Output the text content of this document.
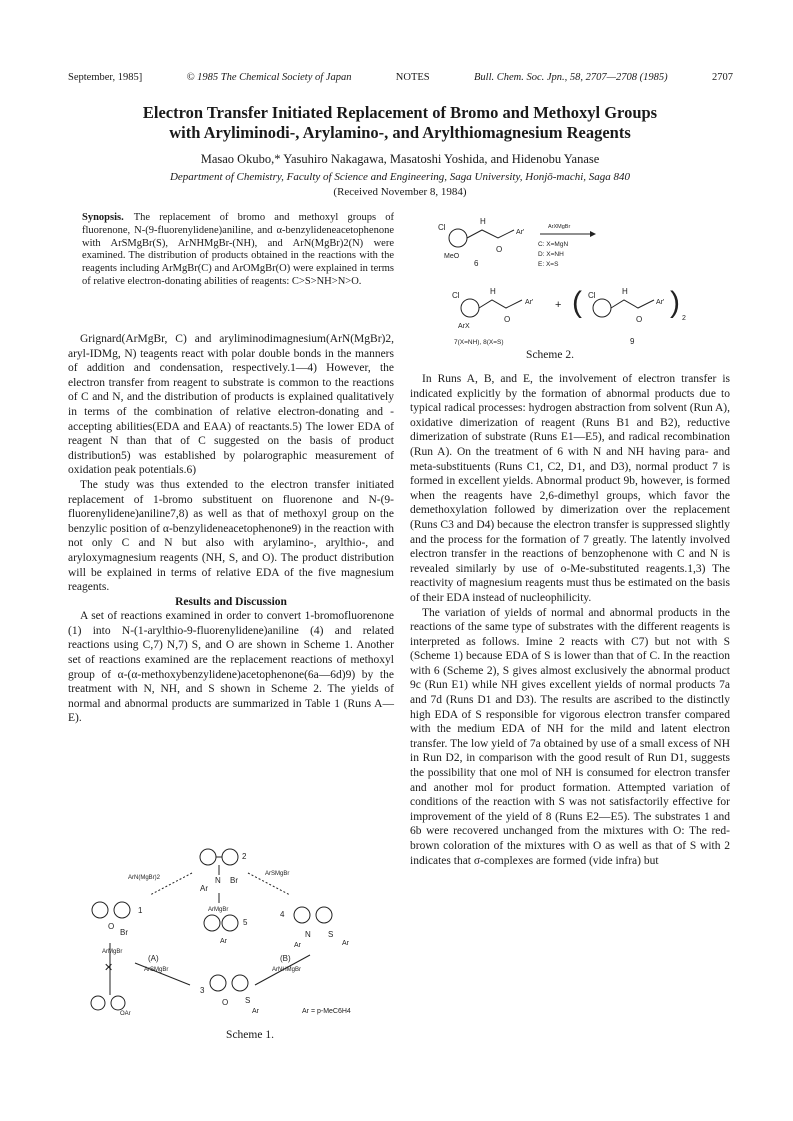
September, 1985]	© 1985 The Chemical Society of Japan	NOTES	Bull. Chem. Soc. Jpn., 58, 2707—2708 (1985)	2707
Electron Transfer Initiated Replacement of Bromo and Methoxyl Groups
with Aryliminodi-, Arylamino-, and Arylthiomagnesium Reagents
Masao Okubo,* Yasuhiro Nakagawa, Masatoshi Yoshida, and Hidenobu Yanase
Department of Chemistry, Faculty of Science and Engineering, Saga University, Honjō-machi, Saga 840
(Received November 8, 1984)
Synopsis. The replacement of bromo and methoxyl groups of fluorenone, N-(9-fluorenylidene)aniline, and α-benzylideneacetophenone with ArSMgBr(S), ArNHMgBr-(NH), and ArN(MgBr)2(N) were examined. The distribution of products obtained in the reactions with the reagents including ArMgBr(C) and ArOMgBr(O) were explained in terms of relative electron-donating abilities of reagents: C>S>NH>N>O.

Grignard(ArMgBr, C) and aryliminodimagnesium(ArN(MgBr)2, aryl-IDMg, N) teagents react with polar double bonds in the manners of addition and condensation, respectively.1—4) However, the electron transfer from reagent to substrate is common to the reactions of C and N, and the distribution of products is explained qualitatively in terms of the combination of relative electron-donating and -accepting abilities(EDA and EAA) of reactants.5) The lower EDA of reagent N than that of C suggested on the basis of product distribution5) was established by polarographic measurement of oxidation peak potentials.6)

The study was thus extended to the electron transfer initiated replacement of 1-bromo substituent on fluorenone and N-(9-fluorenylidene)aniline7,8) as well as that of methoxyl group on the benzylic position of α-benzylideneacetophenone9) in the reaction with not only C and N but also with arylamino-, arylthio-, and aryloxymagnesium reagents (NH, S, and O). The product distribution will be explained in terms of relative EDA of the five magnesium reagents.

Results and Discussion

A set of reactions examined in order to convert 1-bromofluorenone (1) into N-(1-arylthio-9-fluorenylidene)aniline (4) and related reactions using C,7) N,7) S, and O are shown in Scheme 1. Another set of reactions examined are the replacement reactions of methoxyl group of α-(α-methoxybenzylidene)acetophenone(6a—6d)9) by the treatment with N, NH, and S shown in Scheme 2. The yields of normal and abnormal products are summarized in Table 1 (Runs A—E).

N Br
Ar
2
ArN(MgBr)2
ArSMgBr
ArMgBr
1
O
Br
5
Ar
4
N S
Ar	Ar
ArMgBr
✕
(A)
ArSMgBr
(B)
ArNHMgBr
3
O S
Ar
OAr	Ar = p-MeC6H4
Scheme 1.
Cl
MeO
H
O
Ar'
6
ArXMgBr
C: X=MgN
D: X=NH
E: X=S
Cl
ArX
H
O
Ar'
7(X=NH), 8(X=S)
+ ( Cl	H
O
Ar' ) 2
9
Scheme 2.

In Runs A, B, and E, the involvement of electron transfer is indicated explicitly by the formation of abnormal products due to typical radical processes: hydrogen abstraction from solvent (Run A), oxidative dimerization of reagent (Runs B1 and B2), reductive dimerization of substrate (Runs E1—E5), and radical recombination (Run A). On the treatment of 6 with N and NH having para- and meta-substituents (Runs C1, C2, D1, and D3), normal product 7 is formed in excellent yields. Abnormal product 9b, however, is formed when the reagents have 2,6-dimethyl groups, which favor the demethoxylation followed by dimerization over the replacement (Runs C3 and D4) because the electron transfer is suppressed slightly and the process for the formation of 7 greatly. The latently involved electron transfer in the reactions of benzophenone with C and N is revealed similarly by use of o-Me-substituted reagents.1,3) The reactivity of magnesium reagents must thus be estimated on the basis of their EDA instead of nucleophilicity.

The variation of yields of normal and abnormal products in the reactions of the same type of substrates with the different reagents is interpreted as follows. Imine 2 reacts with C7) but not with S (Scheme 1) because EDA of S is lower than that of C. In the reaction with 6 (Scheme 2), S gives almost exclusively the abnormal product 9c (Run E1) while NH gives excellent yields of normal products 7a and 7d (Runs D1 and D3). The results are ascribed to the distinctly high EDA of S responsible for vigorous electron transfer compared with the medium EDA of NH for the mild and latent electron transfer. The low yield of 7a obtained by use of a small excess of NH in Run D2, in comparison with the good result of Run D1, suggests the possibility that one mol of NH is consumed for electron transfer and another mol for product formation. Attempted variation of conditions of the reaction with S was not satisfactorily effective for improvement of the yield of 8 (Runs E2—E5). The substrates 1 and 6b were recovered unchanged from the mixtures with O: The red-brown coloration of the mixtures with O as well as that of S with 2 indicates that σ-complexes are formed (vide infra) but
